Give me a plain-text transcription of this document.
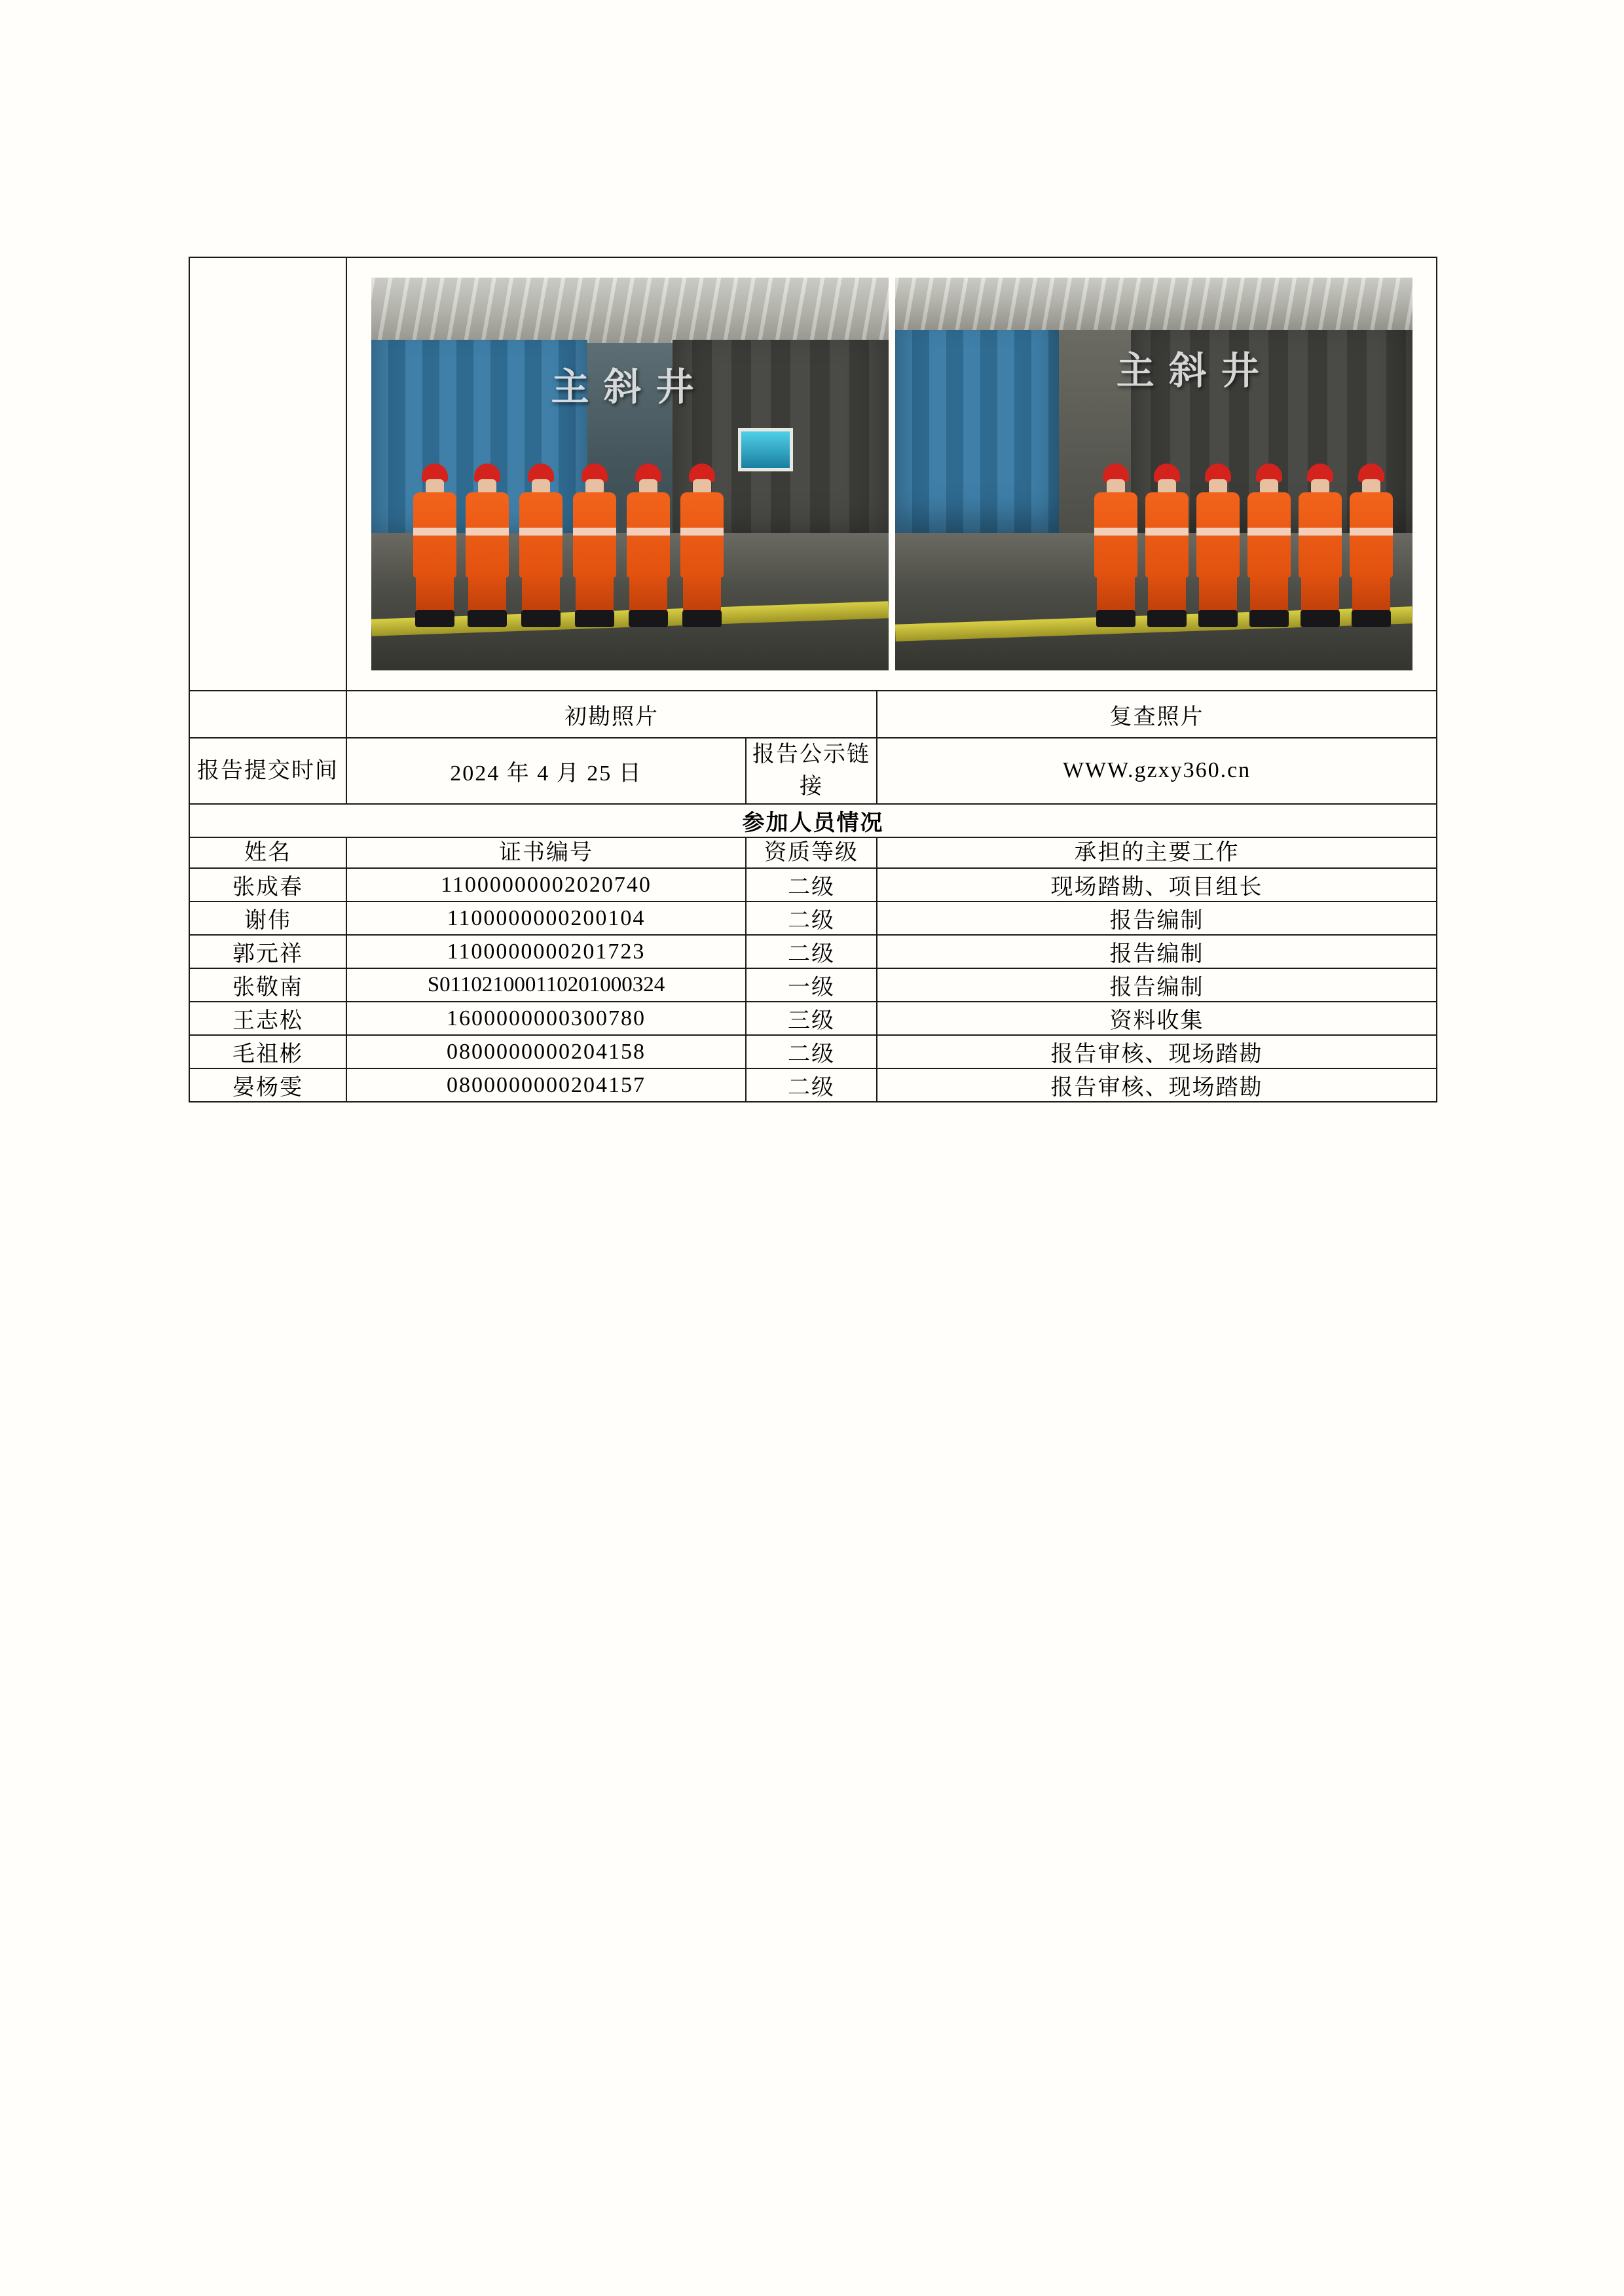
	主斜井 主斜井		

	初勘照片		复查照片
报告提交时间	2024 年 4 月 25 日	报告公示链接	WWW.gzxy360.cn
参加人员情况			
姓名	证书编号	资质等级	承担的主要工作
张成春	11000000002020740	二级	现场踏勘、项目组长
谢伟	1100000000200104	二级	报告编制
郭元祥	1100000000201723	二级	报告编制
张敬南	S011021000110201000324	一级	报告编制
王志松	1600000000300780	三级	资料收集
毛祖彬	0800000000204158	二级	报告审核、现场踏勘
晏杨雯	0800000000204157	二级	报告审核、现场踏勘
